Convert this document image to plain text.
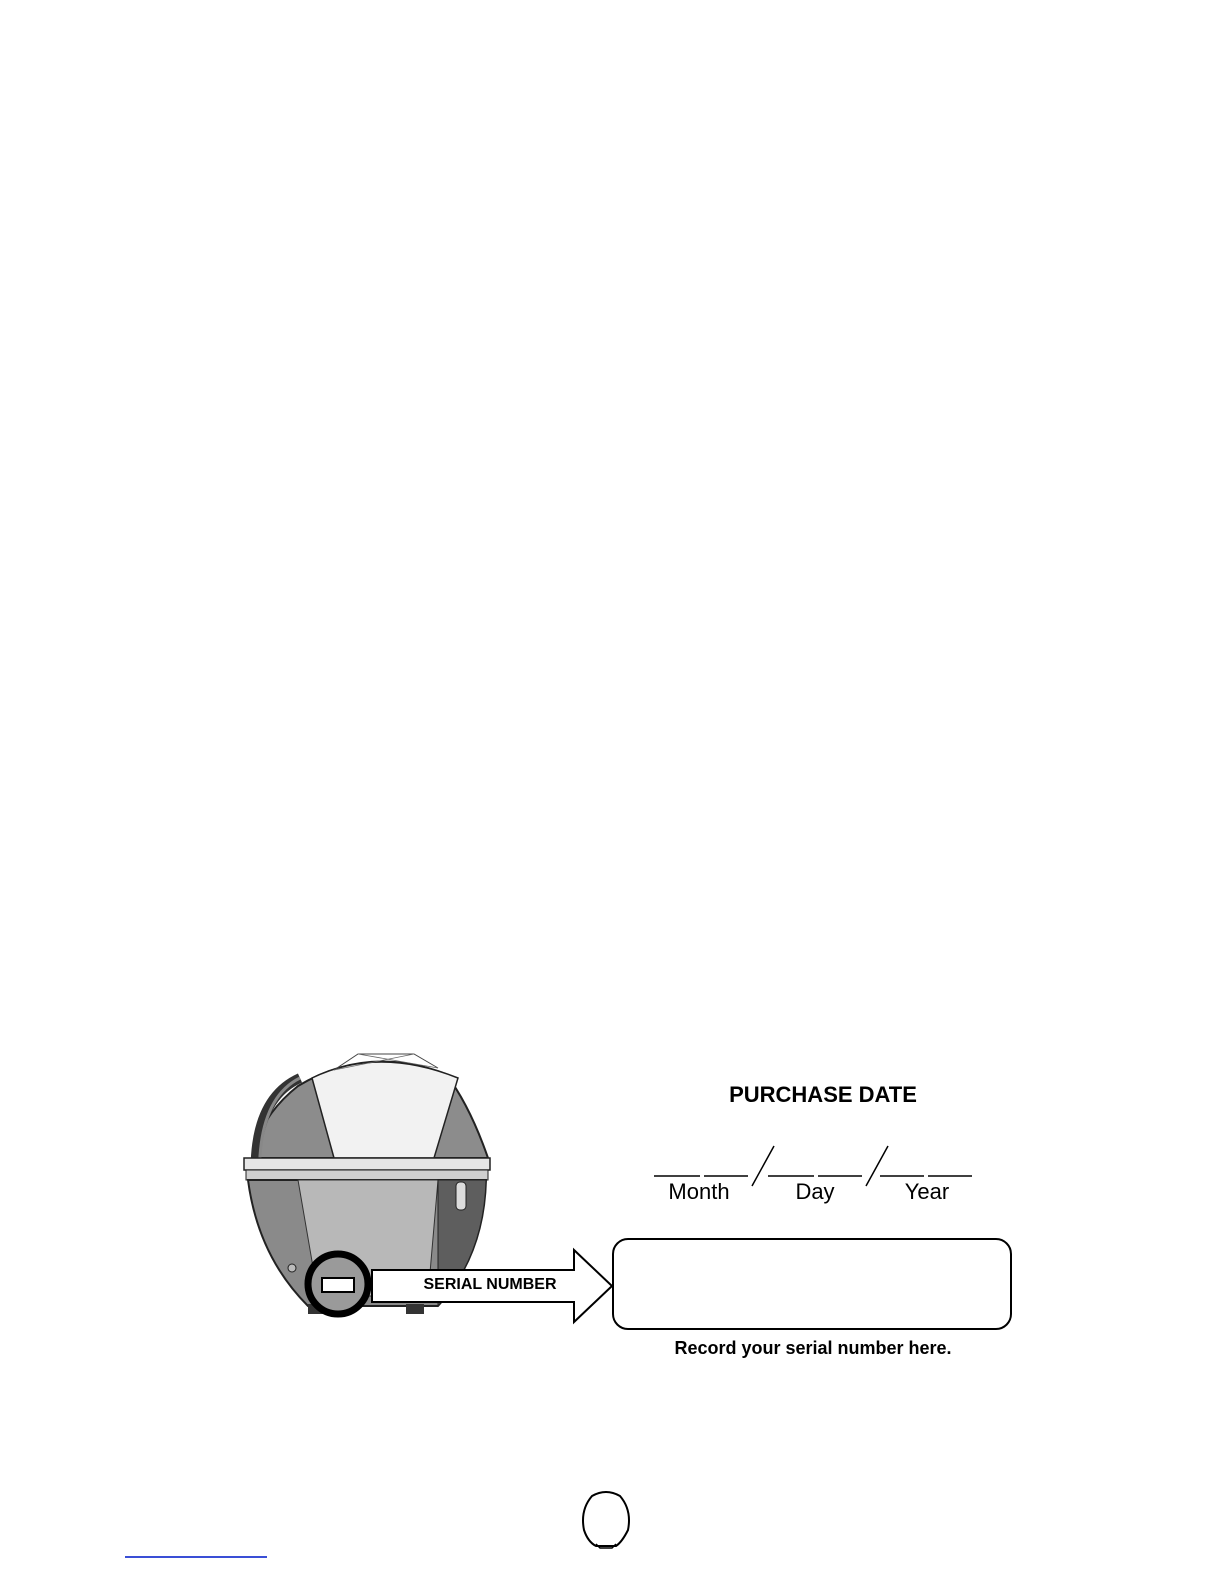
SERIAL NUMBER
PURCHASE DATE
Month	Day	Year
Record your serial number here.
